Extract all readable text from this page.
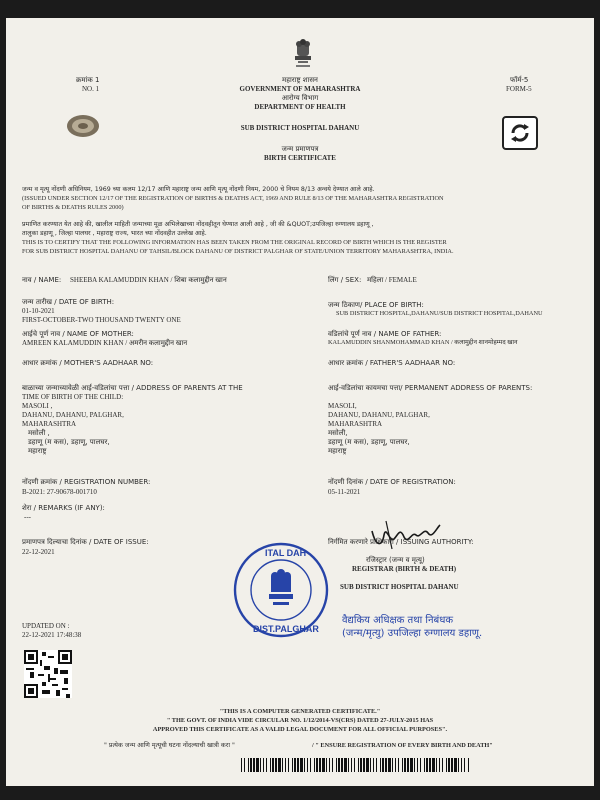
क्रमांक 1
NO. 1
फॉर्म-5
FORM-5
महाराष्ट्र शासन
GOVERNMENT OF MAHARASHTRA
आरोग्य विभाग
DEPARTMENT OF HEALTH
SUB DISTRICT HOSPITAL DAHANU
जन्म प्रमाणपत्र
BIRTH CERTIFICATE
जन्म व मृत्यू नोंदणी अधिनियम, 1969 च्या कलम 12/17 आणि महाराष्ट्र जन्म आणि मृत्यू नोंदणी नियम, 2000 चे नियम 8/13 अन्वये देण्यात आले आहे.
(ISSUED UNDER SECTION 12/17 OF THE REGISTRATION OF BIRTHS & DEATHS ACT, 1969 AND RULE 8/13 OF THE MAHARASHTRA REGISTRATION
OF BIRTHS & DEATHS RULES 2000)
प्रमाणित करण्यात येत आहे की, खालील माहिती जन्माच्या मूळ अभिलेखाच्या नोंदवहीतून घेण्यात आली आहे , जी की &QUOT;उपजिल्हा रुग्णालय डहाणू ,
तालुका डहाणू , जिल्हा पालघर , महाराष्ट्र राज्य, भारत च्या नोंदवहीत उल्लेख आहे.
THIS IS TO CERTIFY THAT THE FOLLOWING INFORMATION HAS BEEN TAKEN FROM THE ORIGINAL RECORD OF BIRTH WHICH IS THE REGISTER
FOR SUB DISTRICT HOSPITAL DAHANU OF TAHSIL/BLOCK DAHANU OF DISTRICT PALGHAR OF STATE/UNION TERRITORY MAHARASHTRA, INDIA.
नाव / NAME: SHEEBA KALAMUDDIN KHAN / शिबा कलामुद्दीन खान	लिंग / SEX: महिला / FEMALE
जन्म तारीख / DATE OF BIRTH:
01-10-2021
FIRST-OCTOBER-TWO THOUSAND TWENTY ONE
जन्म ठिकाण/ PLACE OF BIRTH:
SUB DISTRICT HOSPITAL,DAHANU/SUB DISTRICT HOSPITAL,DAHANU
आईचे पूर्ण नाव / NAME OF MOTHER:
AMREEN KALAMUDDIN KHAN / अमरीन कलामुद्दीन खान
वडिलांचे पूर्ण नाव / NAME OF FATHER:
KALAMUDDIN SHANMOHAMMAD KHAN / कलामुद्दीन शानमोहम्मद खान
आधार क्रमांक / MOTHER'S AADHAAR NO:	आधार क्रमांक / FATHER'S AADHAAR NO:
बाळाच्या जन्माच्यावेळी आई-वडिलांचा पत्ता / ADDRESS OF PARENTS AT THE
TIME OF BIRTH OF THE CHILD:
MASOLI ,
DAHANU, DAHANU, PALGHAR,
MAHARASHTRA
मसोली ,
डहाणू (म कस), डहाणू, पालघर,
महाराष्ट्र
आई-वडिलांचा कायमचा पत्ता/ PERMANENT ADDRESS OF PARENTS:
MASOLI,
DAHANU, DAHANU, PALGHAR,
MAHARASHTRA
मसोली,
डहाणू (म कस), डहाणू, पालघर,
महाराष्ट्र
नोंदणी क्रमांक / REGISTRATION NUMBER:
B-2021: 27-90678-001710
नोंदणी दिनांक / DATE OF REGISTRATION:
05-11-2021
शेरा / REMARKS (IF ANY):
---
प्रमाणपत्र दिल्याचा दिनांक / DATE OF ISSUE:
22-12-2021
निर्गमित करणारे प्राधिकारी / ISSUING AUTHORITY:
रजिस्ट्रार (जन्म व मृत्यू)
REGISTRAR (BIRTH & DEATH)
SUB DISTRICT HOSPITAL DAHANU
ITAL DAH
DIST.PALGHAR
वैद्यकिय अधिक्षक तथा निबंधक
(जन्म/मृत्यु) उपजिल्हा रुग्णालय डहाणू.
UPDATED ON :
22-12-2021 17:48:38
"THIS IS A COMPUTER GENERATED CERTIFICATE."
" THE GOVT. OF INDIA VIDE CIRCULAR NO. 1/12/2014-VS(CRS) DATED 27-JULY-2015 HAS
APPROVED THIS CERTIFICATE AS A VALID LEGAL DOCUMENT FOR ALL OFFICIAL PURPOSES".
" प्रत्येक जन्म आणि मृत्यूची घटना नोंदल्याची खात्री करा "	/ " ENSURE REGISTRATION OF EVERY BIRTH AND DEATH"
